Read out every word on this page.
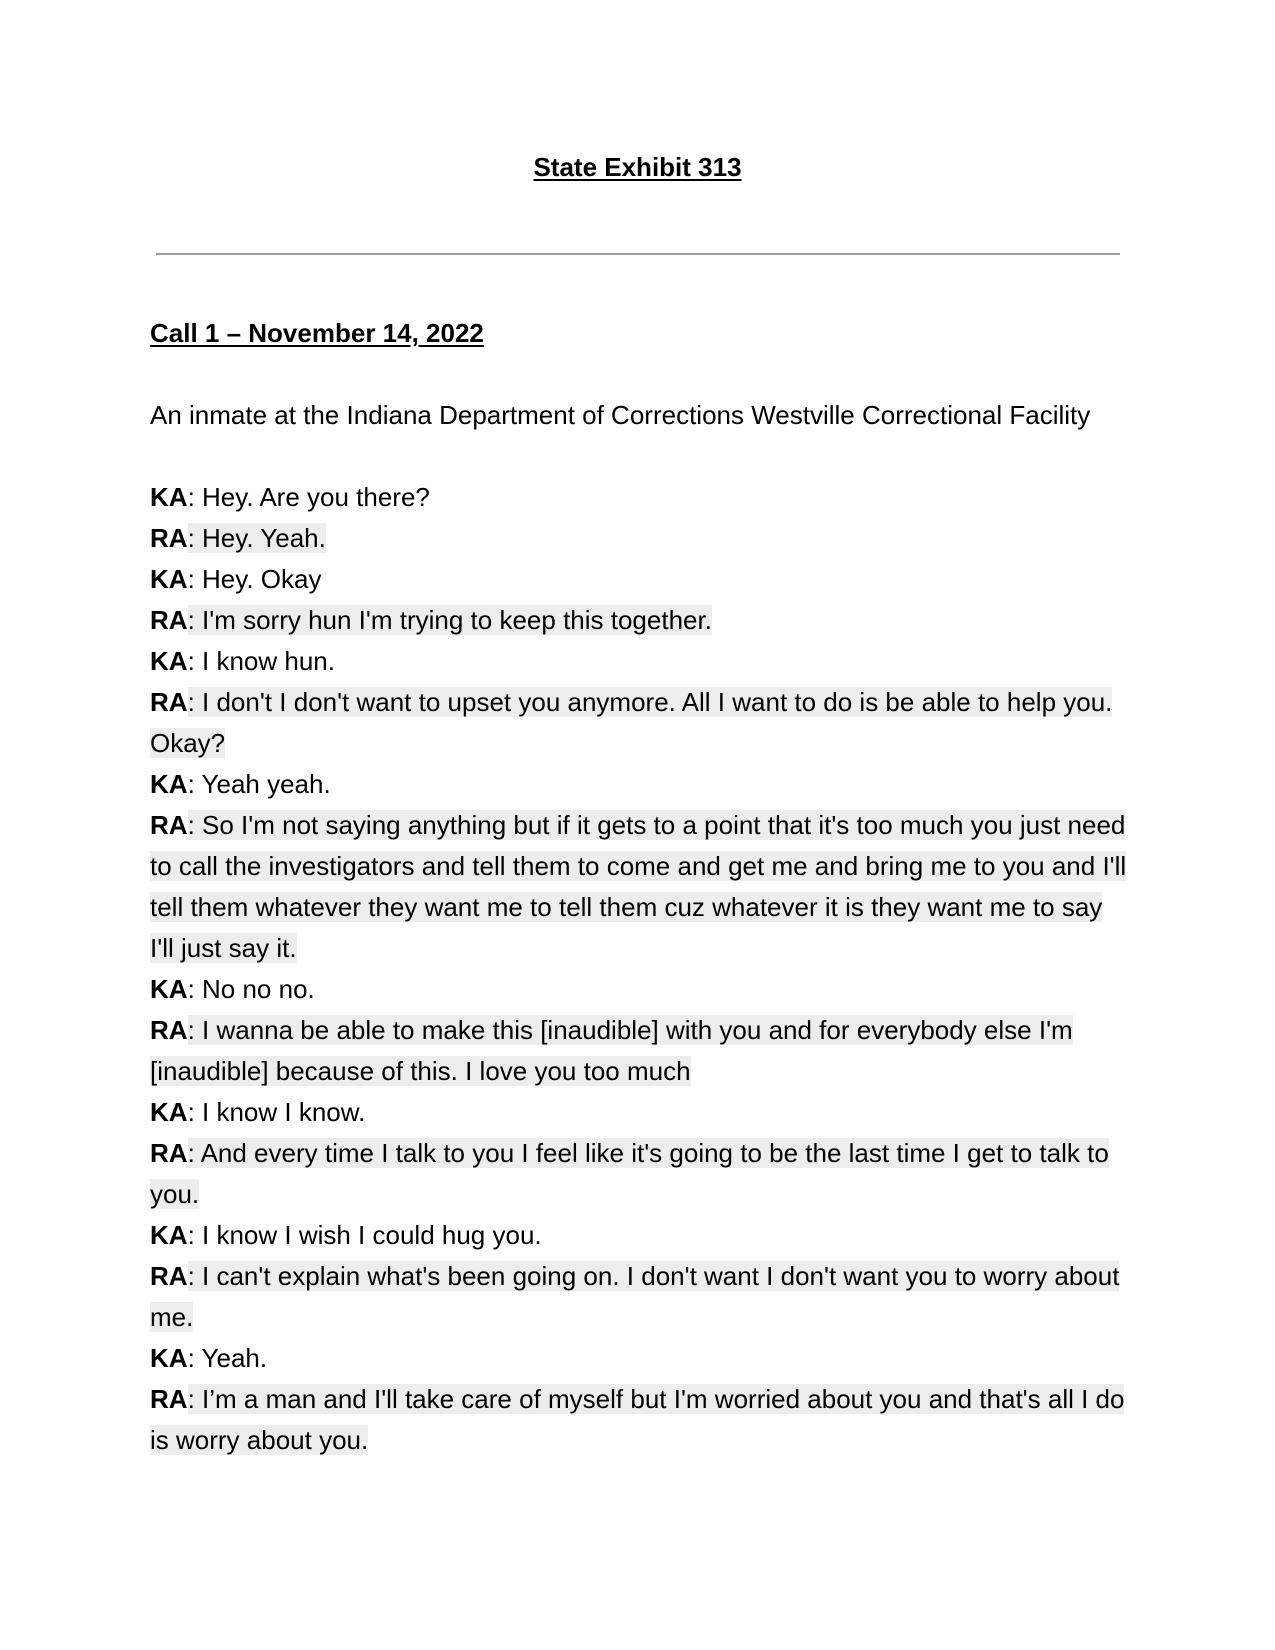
State Exhibit 313

Call 1 – November 14, 2022

An inmate at the Indiana Department of Corrections Westville Correctional Facility

KA: Hey. Are you there?

RA: Hey. Yeah.

KA: Hey. Okay

RA: I'm sorry hun I'm trying to keep this together.

KA: I know hun.

RA: I don't I don't want to upset you anymore. All I want to do is be able to help you. Okay?

KA: Yeah yeah.

RA: So I'm not saying anything but if it gets to a point that it's too much you just need to call the investigators and tell them to come and get me and bring me to you and I'll tell them whatever they want me to tell them cuz whatever it is they want me to say I'll just say it.

KA: No no no.

RA: I wanna be able to make this [inaudible] with you and for everybody else I'm [inaudible] because of this. I love you too much

KA: I know I know.

RA: And every time I talk to you I feel like it's going to be the last time I get to talk to you.

KA: I know I wish I could hug you.

RA: I can't explain what's been going on. I don't want I don't want you to worry about me.

KA: Yeah.

RA: I’m a man and I'll take care of myself but I'm worried about you and that's all I do is worry about you.
